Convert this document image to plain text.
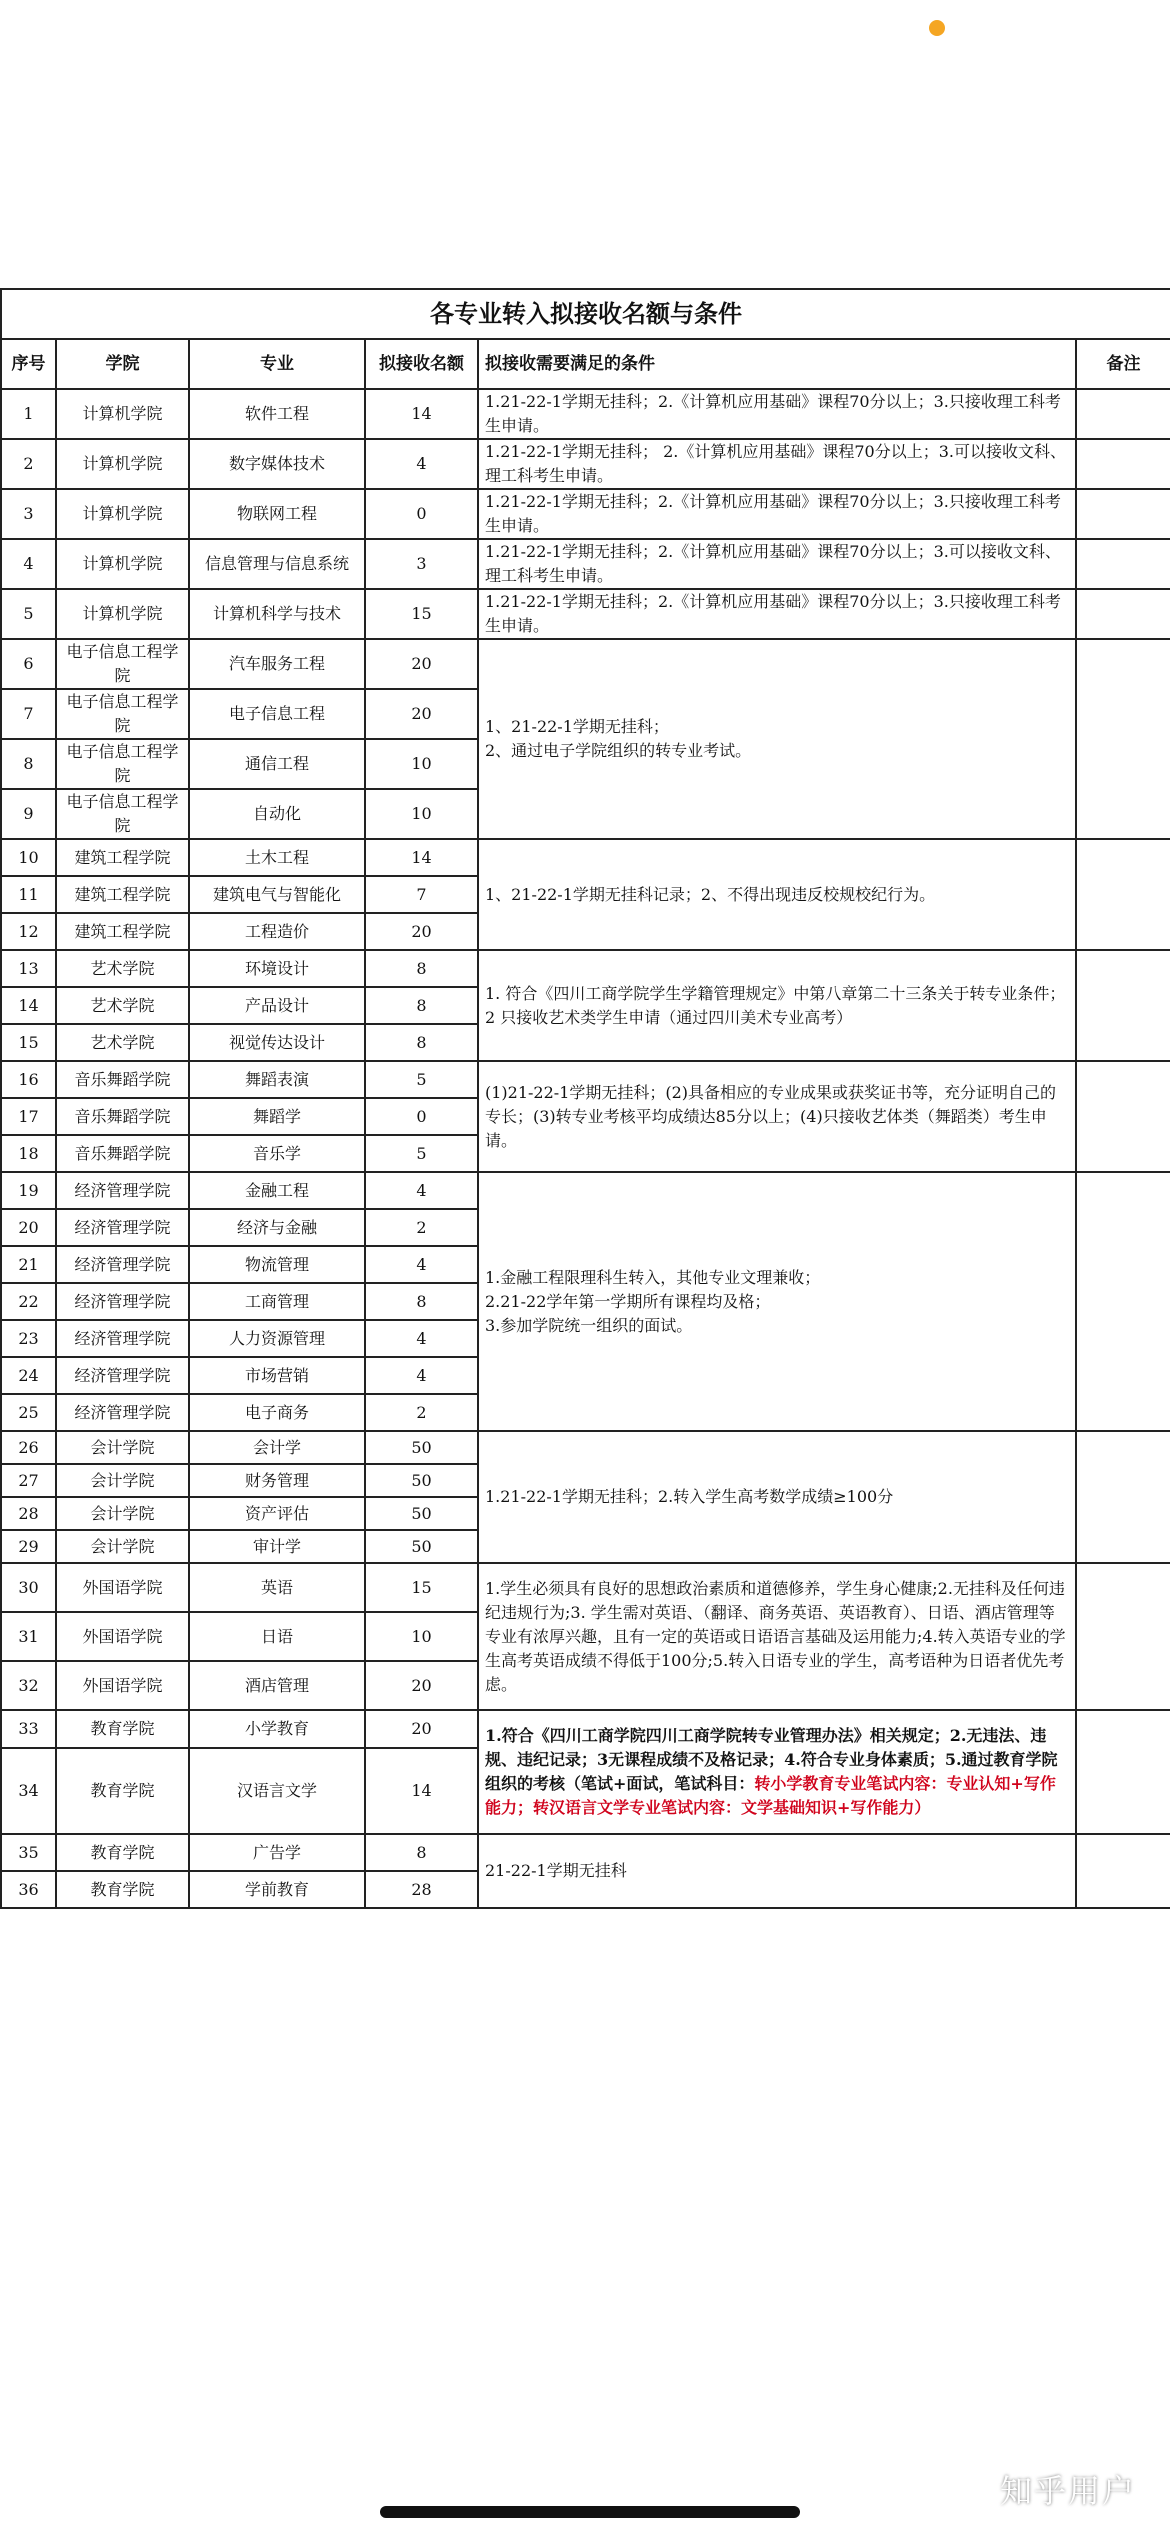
各专业转入拟接收名额与条件					
序号	学院	专业	拟接收名额	拟接收需要满足的条件	备注
1	计算机学院	软件工程	14	1.21-22-1学期无挂科；2.《计算机应用基础》课程70分以上；3.只接收理工科考生申请。	
2	计算机学院	数字媒体技术	4	1.21-22-1学期无挂科； 2.《计算机应用基础》课程70分以上；3.可以接收文科、理工科考生申请。	
3	计算机学院	物联网工程	0	1.21-22-1学期无挂科；2.《计算机应用基础》课程70分以上；3.只接收理工科考生申请。	
4	计算机学院	信息管理与信息系统	3	1.21-22-1学期无挂科；2.《计算机应用基础》课程70分以上；3.可以接收文科、理工科考生申请。	
5	计算机学院	计算机科学与技术	15	1.21-22-1学期无挂科；2.《计算机应用基础》课程70分以上；3.只接收理工科考生申请。	
6	电子信息工程学院	汽车服务工程	20	1、21-22-1学期无挂科；
2、通过电子学院组织的转专业考试。	
7	电子信息工程学院	电子信息工程	20		
8	电子信息工程学院	通信工程	10		
9	电子信息工程学院	自动化	10		
10	建筑工程学院	土木工程	14	1、21-22-1学期无挂科记录；2、不得出现违反校规校纪行为。	
11	建筑工程学院	建筑电气与智能化	7		
12	建筑工程学院	工程造价	20		
13	艺术学院	环境设计	8	1. 符合《四川工商学院学生学籍管理规定》中第八章第二十三条关于转专业条件；2 只接收艺术类学生申请（通过四川美术专业高考）	
14	艺术学院	产品设计	8		
15	艺术学院	视觉传达设计	8		
16	音乐舞蹈学院	舞蹈表演	5	(1)21-22-1学期无挂科；(2)具备相应的专业成果或获奖证书等，充分证明自己的专长；(3)转专业考核平均成绩达85分以上；(4)只接收艺体类（舞蹈类）考生申请。	
17	音乐舞蹈学院	舞蹈学	0		
18	音乐舞蹈学院	音乐学	5		
19	经济管理学院	金融工程	4	1.金融工程限理科生转入，其他专业文理兼收；
2.21-22学年第一学期所有课程均及格；
3.参加学院统一组织的面试。	
20	经济管理学院	经济与金融	2		
21	经济管理学院	物流管理	4		
22	经济管理学院	工商管理	8		
23	经济管理学院	人力资源管理	4		
24	经济管理学院	市场营销	4		
25	经济管理学院	电子商务	2		
26	会计学院	会计学	50	1.21-22-1学期无挂科；2.转入学生高考数学成绩≥100分	
27	会计学院	财务管理	50		
28	会计学院	资产评估	50		
29	会计学院	审计学	50		
30	外国语学院	英语	15	1.学生必须具有良好的思想政治素质和道德修养，学生身心健康;2.无挂科及任何违纪违规行为;3. 学生需对英语、（翻译、商务英语、英语教育）、日语、酒店管理等专业有浓厚兴趣，且有一定的英语或日语语言基础及运用能力;4.转入英语专业的学生高考英语成绩不得低于100分;5.转入日语专业的学生，高考语种为日语者优先考虑。	
31	外国语学院	日语	10		
32	外国语学院	酒店管理	20		
33	教育学院	小学教育	20	1.符合《四川工商学院四川工商学院转专业管理办法》相关规定；2.无违法、违规、违纪记录；3无课程成绩不及格记录；4.符合专业身体素质；5.通过教育学院组织的考核（笔试+面试，笔试科目：转小学教育专业笔试内容：专业认知+写作能力；转汉语言文学专业笔试内容：文学基础知识+写作能力）	
34	教育学院	汉语言文学	14		
35	教育学院	广告学	8	21-22-1学期无挂科	
36	教育学院	学前教育	28		
知乎用户
